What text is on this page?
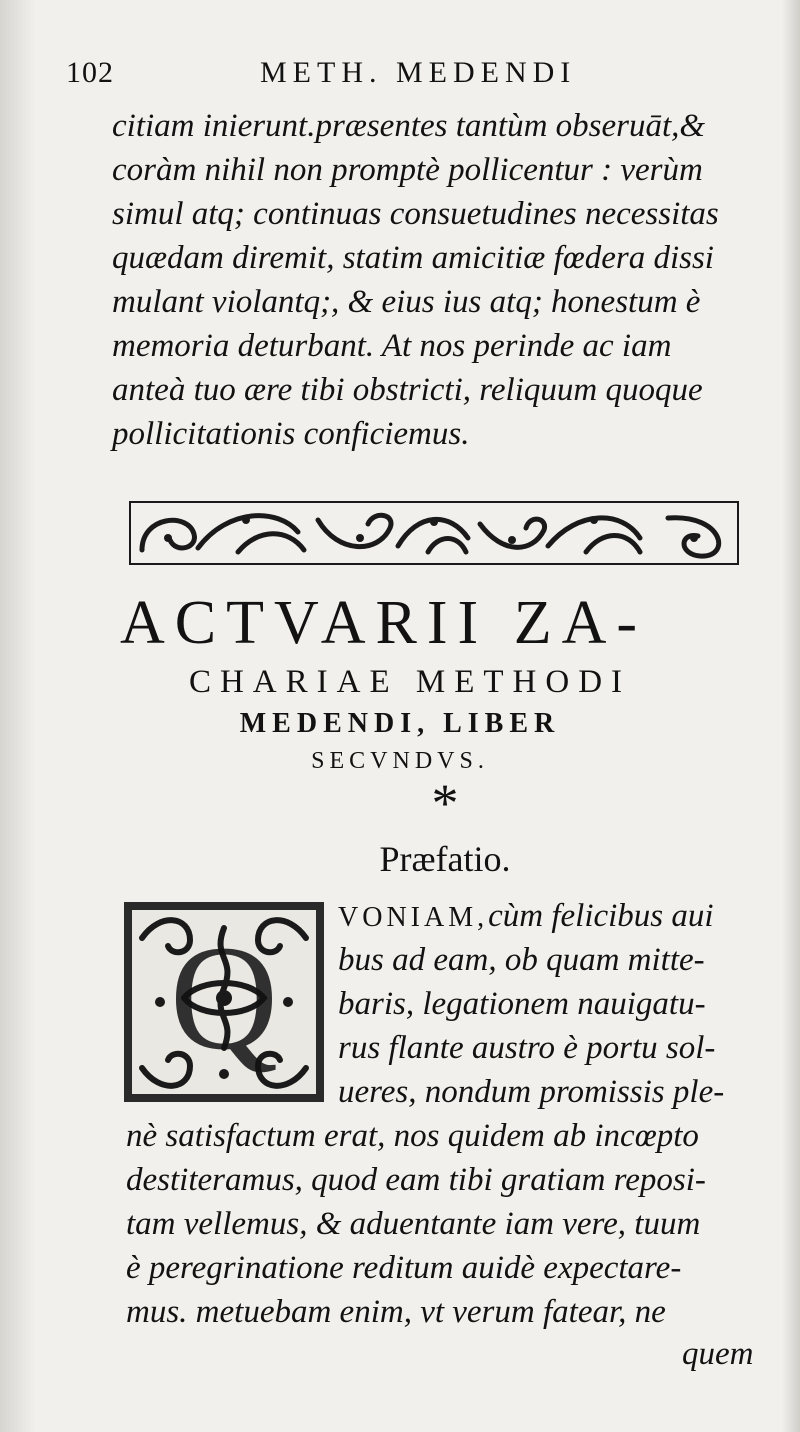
102	METH. MEDENDI
citiam inierunt.præsentes tantùm obseruāt,&
coràm nihil non promptè pollicentur : verùm
simul atq; continuas consuetudines necessitas
quædam diremit, statim amicitiæ fœdera dissi
mulant violantq;, & eius ius atq; honestum è
memoria deturbant. At nos perinde ac iam
anteà tuo ære tibi obstricti, reliquum quoque
pollicitationis conficiemus.
ACTVARII ZA-
CHARIAE METHODI
MEDENDI, LIBER
SECVNDVS.
*
Præfatio.
Q VONIAM,cùm felicibus aui
bus ad eam, ob quam mitte-
baris, legationem nauigatu-
rus flante austro è portu sol-
ueres, nondum promissis ple-
nè satisfactum erat, nos quidem ab incœpto
destiteramus, quod eam tibi gratiam reposi-
tam vellemus, & aduentante iam vere, tuum
è peregrinatione reditum auidè expectare-
mus. metuebam enim, vt verum fatear, ne
quem
